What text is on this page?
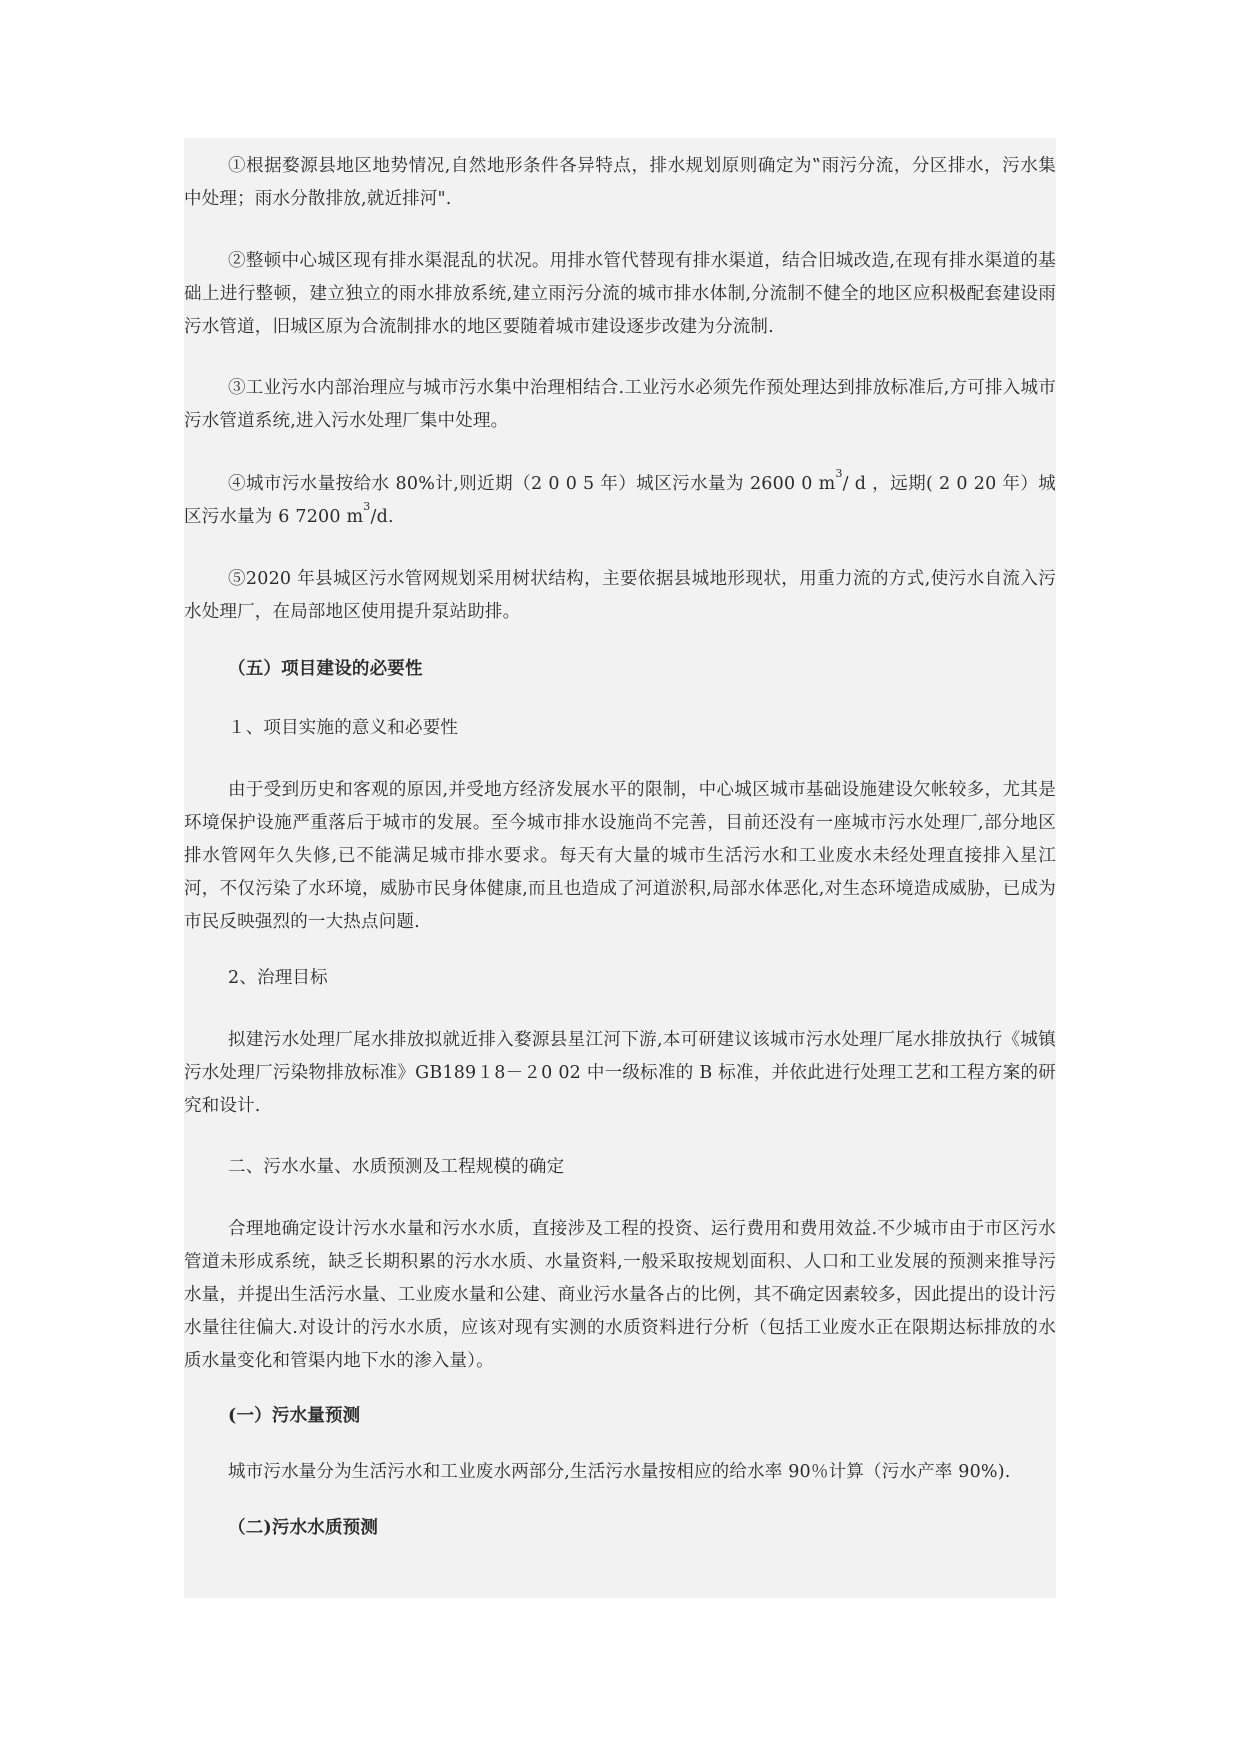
①根据婺源县地区地势情况,自然地形条件各异特点，排水规划原则确定为‟雨污分流，分区排水，污水集中处理；雨水分散排放,就近排河".

②整顿中心城区现有排水渠混乱的状况。用排水管代替现有排水渠道，结合旧城改造,在现有排水渠道的基础上进行整顿，建立独立的雨水排放系统,建立雨污分流的城市排水体制,分流制不健全的地区应积极配套建设雨污水管道，旧城区原为合流制排水的地区要随着城市建设逐步改建为分流制.

③工业污水内部治理应与城市污水集中治理相结合.工业污水必须先作预处理达到排放标准后,方可排入城市污水管道系统,进入污水处理厂集中处理。

④城市污水量按给水 80%计,则近期（2 0 0 5 年）城区污水量为 2600 0 $m^3/$ d ，远期( 2 0 20 年）城区污水量为 6 7200 $m^3/d$.

⑤2020 年县城区污水管网规划采用树状结构，主要依据县城地形现状，用重力流的方式,使污水自流入污水处理厂，在局部地区使用提升泵站助排。

（五）项目建设的必要性

１、项目实施的意义和必要性

由于受到历史和客观的原因,并受地方经济发展水平的限制，中心城区城市基础设施建设欠帐较多，尤其是环境保护设施严重落后于城市的发展。至今城市排水设施尚不完善，目前还没有一座城市污水处理厂,部分地区排水管网年久失修,已不能满足城市排水要求。每天有大量的城市生活污水和工业废水未经处理直接排入星江河，不仅污染了水环境，威胁市民身体健康,而且也造成了河道淤积,局部水体恶化,对生态环境造成威胁，已成为市民反映强烈的一大热点问题.

2、治理目标

拟建污水处理厂尾水排放拟就近排入婺源县星江河下游,本可研建议该城市污水处理厂尾水排放执行《城镇污水处理厂污染物排放标准》GB189１8－２0 02 中一级标准的 B 标准，并依此进行处理工艺和工程方案的研究和设计.

二、污水水量、水质预测及工程规模的确定

合理地确定设计污水水量和污水水质，直接涉及工程的投资、运行费用和费用效益.不少城市由于市区污水管道未形成系统，缺乏长期积累的污水水质、水量资料,一般采取按规划面积、人口和工业发展的预测来推导污水量，并提出生活污水量、工业废水量和公建、商业污水量各占的比例，其不确定因素较多，因此提出的设计污水量往往偏大.对设计的污水水质，应该对现有实测的水质资料进行分析（包括工业废水正在限期达标排放的水质水量变化和管渠内地下水的渗入量）。

(一）污水量预测

城市污水量分为生活污水和工业废水两部分,生活污水量按相应的给水率 90％计算（污水产率 90%).

（二)污水水质预测
